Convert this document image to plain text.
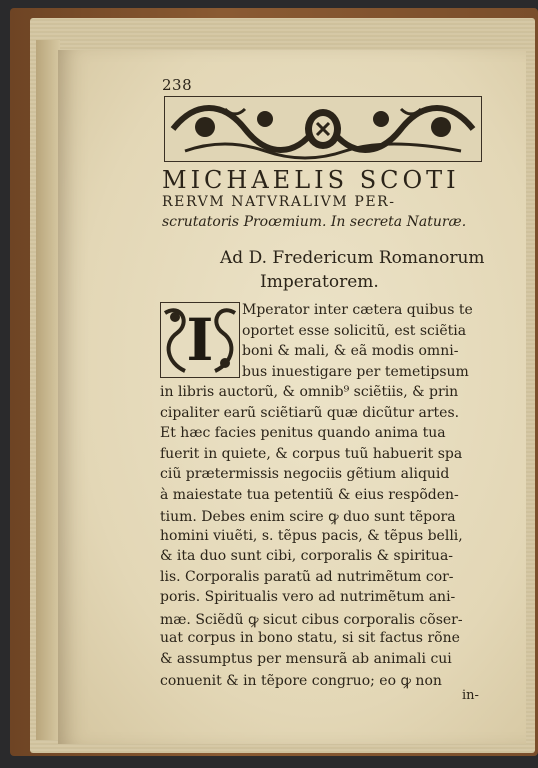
238
MICHAELIS SCOTI
RERVM NATVRALIVM PER-
scrutatoris Proœmium. In secreta Naturæ.
Ad D. Fredericum Romanorum
Imperatorem.
I	Mperator inter cætera quibus te
oportet esse solicitũ, est sciẽtia
boni & mali, & eã modis omni-
bus inuestigare per temetipsum
in libris auctorũ, & omnib⁹ sciẽtiis, & prin
cipaliter earũ sciẽtiarũ quæ dicũtur artes.
Et hæc facies penitus quando anima tua
fuerit in quiete, & corpus tuũ habuerit spa
ciũ prætermissis negociis gẽtium aliquid
à maiestate tua petentiũ & eius respõden-
tium. Debes enim scire ꝙ duo sunt tẽpora
homini viuẽti, s. tẽpus pacis, & tẽpus belli,
& ita duo sunt cibi, corporalis & spiritua-
lis. Corporalis paratũ ad nutrimẽtum cor-
poris. Spiritualis vero ad nutrimẽtum ani-
mæ. Sciẽdũ ꝙ sicut cibus corporalis cõser-
uat corpus in bono statu, si sit factus rõne
& assumptus per mensurã ab animali cui
conuenit & in tẽpore congruo; eo ꝙ non
in-
